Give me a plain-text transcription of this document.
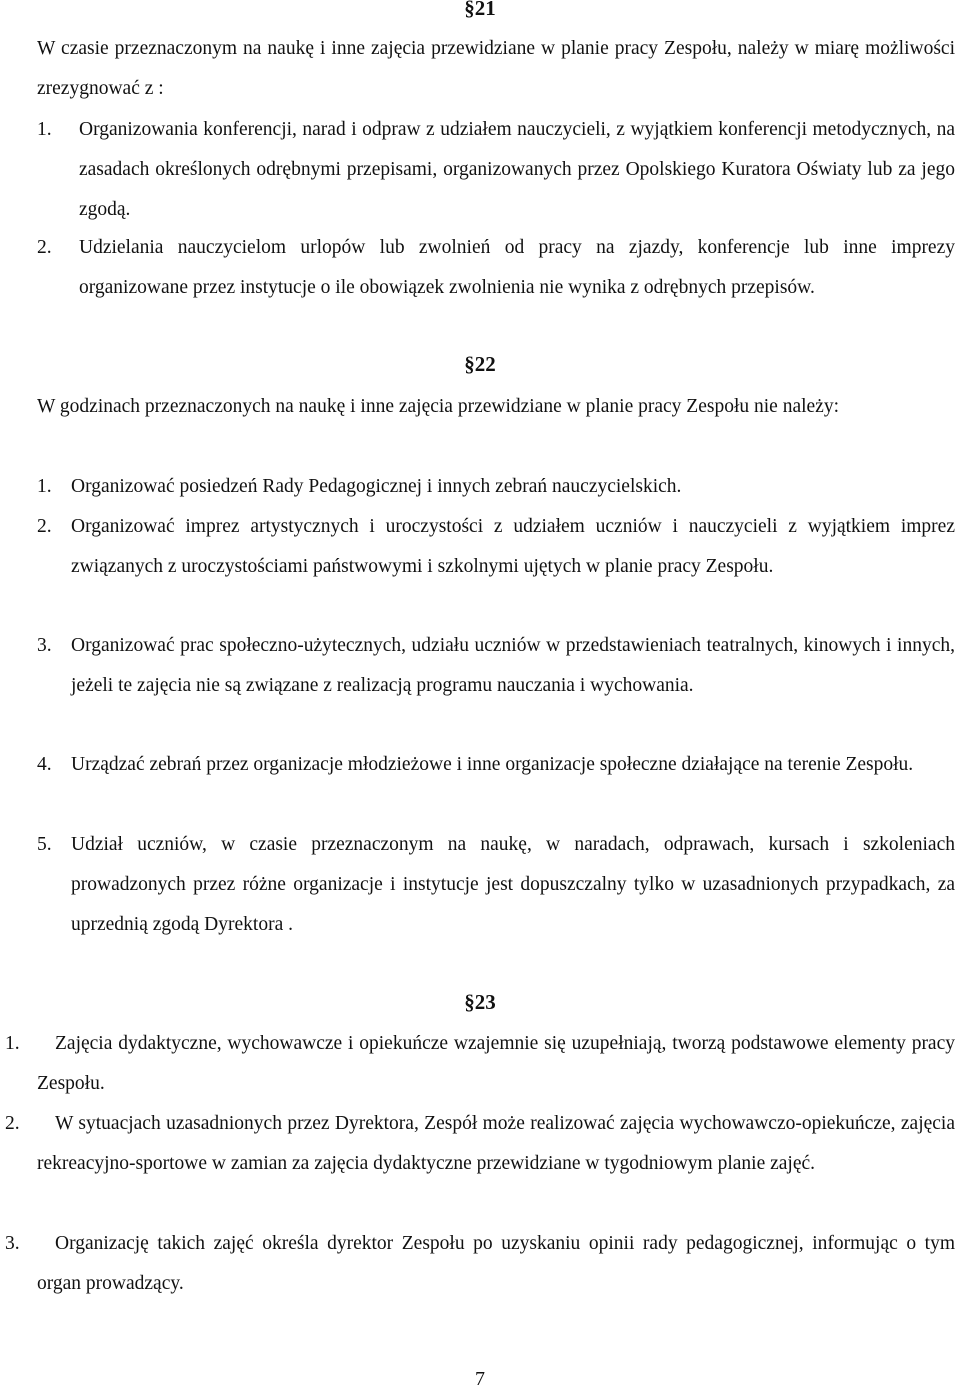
§21
W czasie przeznaczonym na naukę i inne zajęcia przewidziane w planie pracy Zespołu, należy w miarę możliwości zrezygnować z :
1. Organizowania konferencji, narad i odpraw z udziałem nauczycieli, z wyjątkiem konferencji metodycznych, na zasadach określonych odrębnymi przepisami, organizowanych przez Opolskiego Kuratora Oświaty lub za jego zgodą.
2. Udzielania nauczycielom urlopów lub zwolnień od pracy na zjazdy, konferencje lub inne imprezy organizowane przez instytucje o ile obowiązek zwolnienia nie wynika z odrębnych przepisów.
§22
W godzinach przeznaczonych na naukę i inne zajęcia przewidziane w planie pracy Zespołu nie należy:
1. Organizować posiedzeń Rady Pedagogicznej i innych zebrań nauczycielskich.
2. Organizować imprez artystycznych i uroczystości z udziałem uczniów i nauczycieli z wyjątkiem imprez związanych z uroczystościami państwowymi i szkolnymi ujętych w planie pracy Zespołu.
3. Organizować prac społeczno-użytecznych, udziału uczniów w przedstawieniach teatralnych, kinowych i innych, jeżeli te zajęcia nie są związane z realizacją programu nauczania i wychowania.
4. Urządzać zebrań przez organizacje młodzieżowe i inne organizacje społeczne działające na terenie Zespołu.
5. Udział uczniów, w czasie przeznaczonym na naukę, w naradach, odprawach, kursach i szkoleniach prowadzonych przez różne organizacje i instytucje jest dopuszczalny tylko w uzasadnionych przypadkach, za uprzednią zgodą Dyrektora .
§23
1.	Zajęcia dydaktyczne, wychowawcze i opiekuńcze wzajemnie się uzupełniają, tworzą podstawowe elementy pracy Zespołu.
2.	W sytuacjach uzasadnionych przez Dyrektora, Zespół może realizować zajęcia wychowawczo-opiekuńcze, zajęcia rekreacyjno-sportowe w zamian za zajęcia dydaktyczne przewidziane w tygodniowym planie zajęć.
3.	Organizację takich zajęć określa dyrektor Zespołu po uzyskaniu opinii rady pedagogicznej, informując o tym organ prowadzący.
7
